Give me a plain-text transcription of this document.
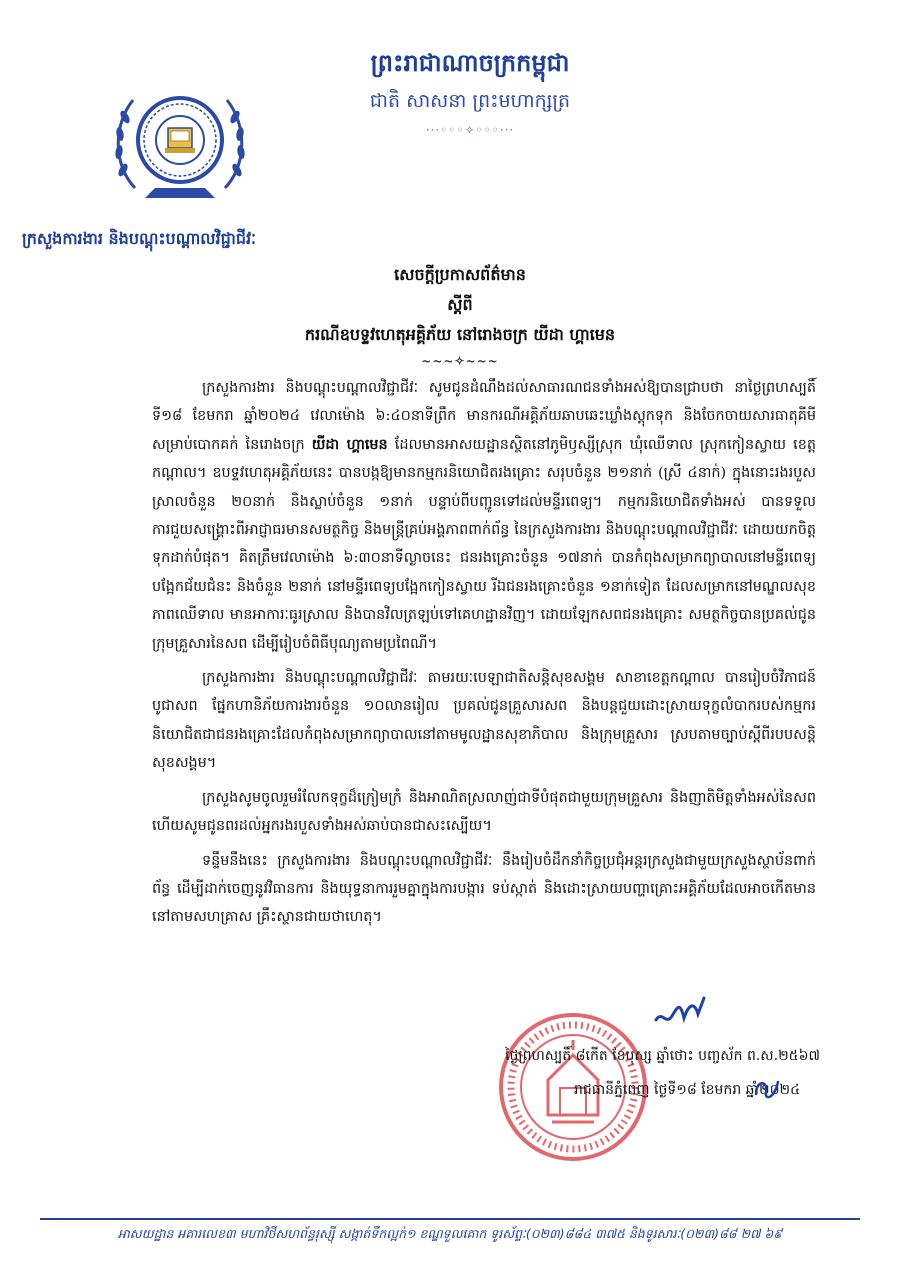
ព្រះរាជាណាចក្រកម្ពុជា
ជាតិ សាសនា ព្រះមហាក្សត្រ
···◦◦◦✧◦◦◦···
ក្រសួងការងារ និងបណ្តុះបណ្តាលវិជ្ជាជីវៈ
សេចក្តីប្រកាសព័ត៌មាន
ស្តីពី
ករណីឧបទ្ទវហេតុអគ្គិភ័យ នៅរោងចក្រ យីដា ហ្គាមេន
~~~✧~~~

ក្រសួងការងារ និងបណ្តុះបណ្តាលវិជ្ជាជីវៈ សូមជូនដំណឹងដល់សាធារណជនទាំងអស់ឱ្យបានជ្រាបថា នាថ្ងៃព្រហស្បតិ៍ ទី១៨ ខែមករា ឆ្នាំ២០២៤ វេលាម៉ោង ៦:៤០នាទីព្រឹក មានករណីអគ្គិភ័យឆាបឆេះឃ្លាំងស្តុកទុក និងចែកចាយសារធាតុគីមី សម្រាប់បោកគក់ នៃរោងចក្រ យីដា ហ្គាមេន ដែលមានអាសយដ្ឋានស្ថិតនៅភូមិឫស្សីស្រុក ឃុំឈើទាល ស្រុកកៀនស្វាយ ខេត្តកណ្តាល។ ឧបទ្ទវហេតុអគ្គិភ័យនេះ បានបង្កឱ្យមានកម្មករនិយោជិតរងគ្រោះ សរុបចំនួន ២១នាក់ (ស្រី ៤នាក់) ក្នុងនោះរងរបួសស្រាលចំនួន ២០នាក់ និងស្លាប់ចំនួន ១នាក់ បន្ទាប់ពីបញ្ជូនទៅដល់មន្ទីរពេទ្យ។ កម្មករនិយោជិតទាំងអស់ បានទទួលការជួយសង្គ្រោះពីអាជ្ញាធរមានសមត្ថកិច្ច និងមន្ត្រីគ្រប់អង្គភាពពាក់ព័ន្ធ នៃក្រសួងការងារ និងបណ្តុះបណ្តាលវិជ្ជាជីវៈ ដោយយកចិត្តទុកដាក់បំផុត។ គិតត្រឹមវេលាម៉ោង ៦:៣០នាទីល្ងាចនេះ ជនរងគ្រោះចំនួន ១៧នាក់ បានកំពុងសម្រាកព្យាបាលនៅមន្ទីរពេទ្យបង្អែកជ័យជំនះ និងចំនួន ២នាក់ នៅមន្ទីរពេទ្យបង្អែកកៀនស្វាយ រីឯជនរងគ្រោះចំនួន ១នាក់ទៀត ដែលសម្រាកនៅមណ្ឌលសុខភាពឈើទាល មានអាការៈធូរស្រាល និងបានវិលត្រឡប់ទៅគេហដ្ឋានវិញ។ ដោយឡែកសពជនរងគ្រោះ សមត្ថកិច្ចបានប្រគល់ជូនក្រុមគ្រួសារនៃសព ដើម្បីរៀបចំពិធីបុណ្យតាមប្រពៃណី។

ក្រសួងការងារ និងបណ្តុះបណ្តាលវិជ្ជាជីវៈ តាមរយៈបេឡាជាតិសន្តិសុខសង្គម សាខាខេត្តកណ្តាល បានរៀបចំវិភាជន៍បូជាសព ផ្នែកហានិភ័យការងារចំនួន ១០លានរៀល ប្រគល់ជូនគ្រួសារសព និងបន្តជួយដោះស្រាយទុក្ខលំបាករបស់កម្មករនិយោជិតជាជនរងគ្រោះដែលកំពុងសម្រាកព្យាបាលនៅតាមមូលដ្ឋានសុខាភិបាល និងក្រុមគ្រួសារ ស្របតាមច្បាប់ស្តីពីរបបសន្តិសុខសង្គម។

ក្រសួងសូមចូលរួមរំលែកទុក្ខដ៏ក្រៀមក្រំ និងអាណិតស្រលាញ់ជាទីបំផុតជាមួយក្រុមគ្រួសារ និងញាតិមិត្តទាំងអស់នៃសព ហើយសូមជូនពរដល់អ្នករងរបួសទាំងអស់ឆាប់បានជាសះស្បើយ។

ទន្ទឹមនឹងនេះ ក្រសួងការងារ និងបណ្តុះបណ្តាលវិជ្ជាជីវៈ នឹងរៀបចំដឹកនាំកិច្ចប្រជុំអន្តរក្រសួងជាមួយក្រសួងស្ថាប័នពាក់ព័ន្ធ ដើម្បីដាក់ចេញនូវវិធានការ និងយុទ្ធនាការរួមគ្នាក្នុងការបង្ការ ទប់ស្កាត់ និងដោះស្រាយបញ្ហាគ្រោះអគ្គិភ័យដែលអាចកើតមាននៅតាមសហគ្រាស គ្រឹះស្ថានជាយថាហេតុ។

ថ្ងៃព្រហស្បតិ៍ ៨កើត ខែបុស្ស ឆ្នាំថោះ បញ្ចស័ក ព.ស.២៥៦៧
រាជធានីភ្នំពេញ ថ្ងៃទី១៨ ខែមករា ឆ្នាំ២០២៤
អាសយដ្ឋាន អគារលេខ៣ មហាវិថីសហព័ន្ធរុស្ស៊ី សង្កាត់ទឹកល្អក់១ ខណ្ឌទួលគោក ទូរស័ព្ទៈ(០២៣)៨៨៤ ៣៧៥ និងទូរសារៈ(០២៣)៨៨ ២៧ ៦៩
